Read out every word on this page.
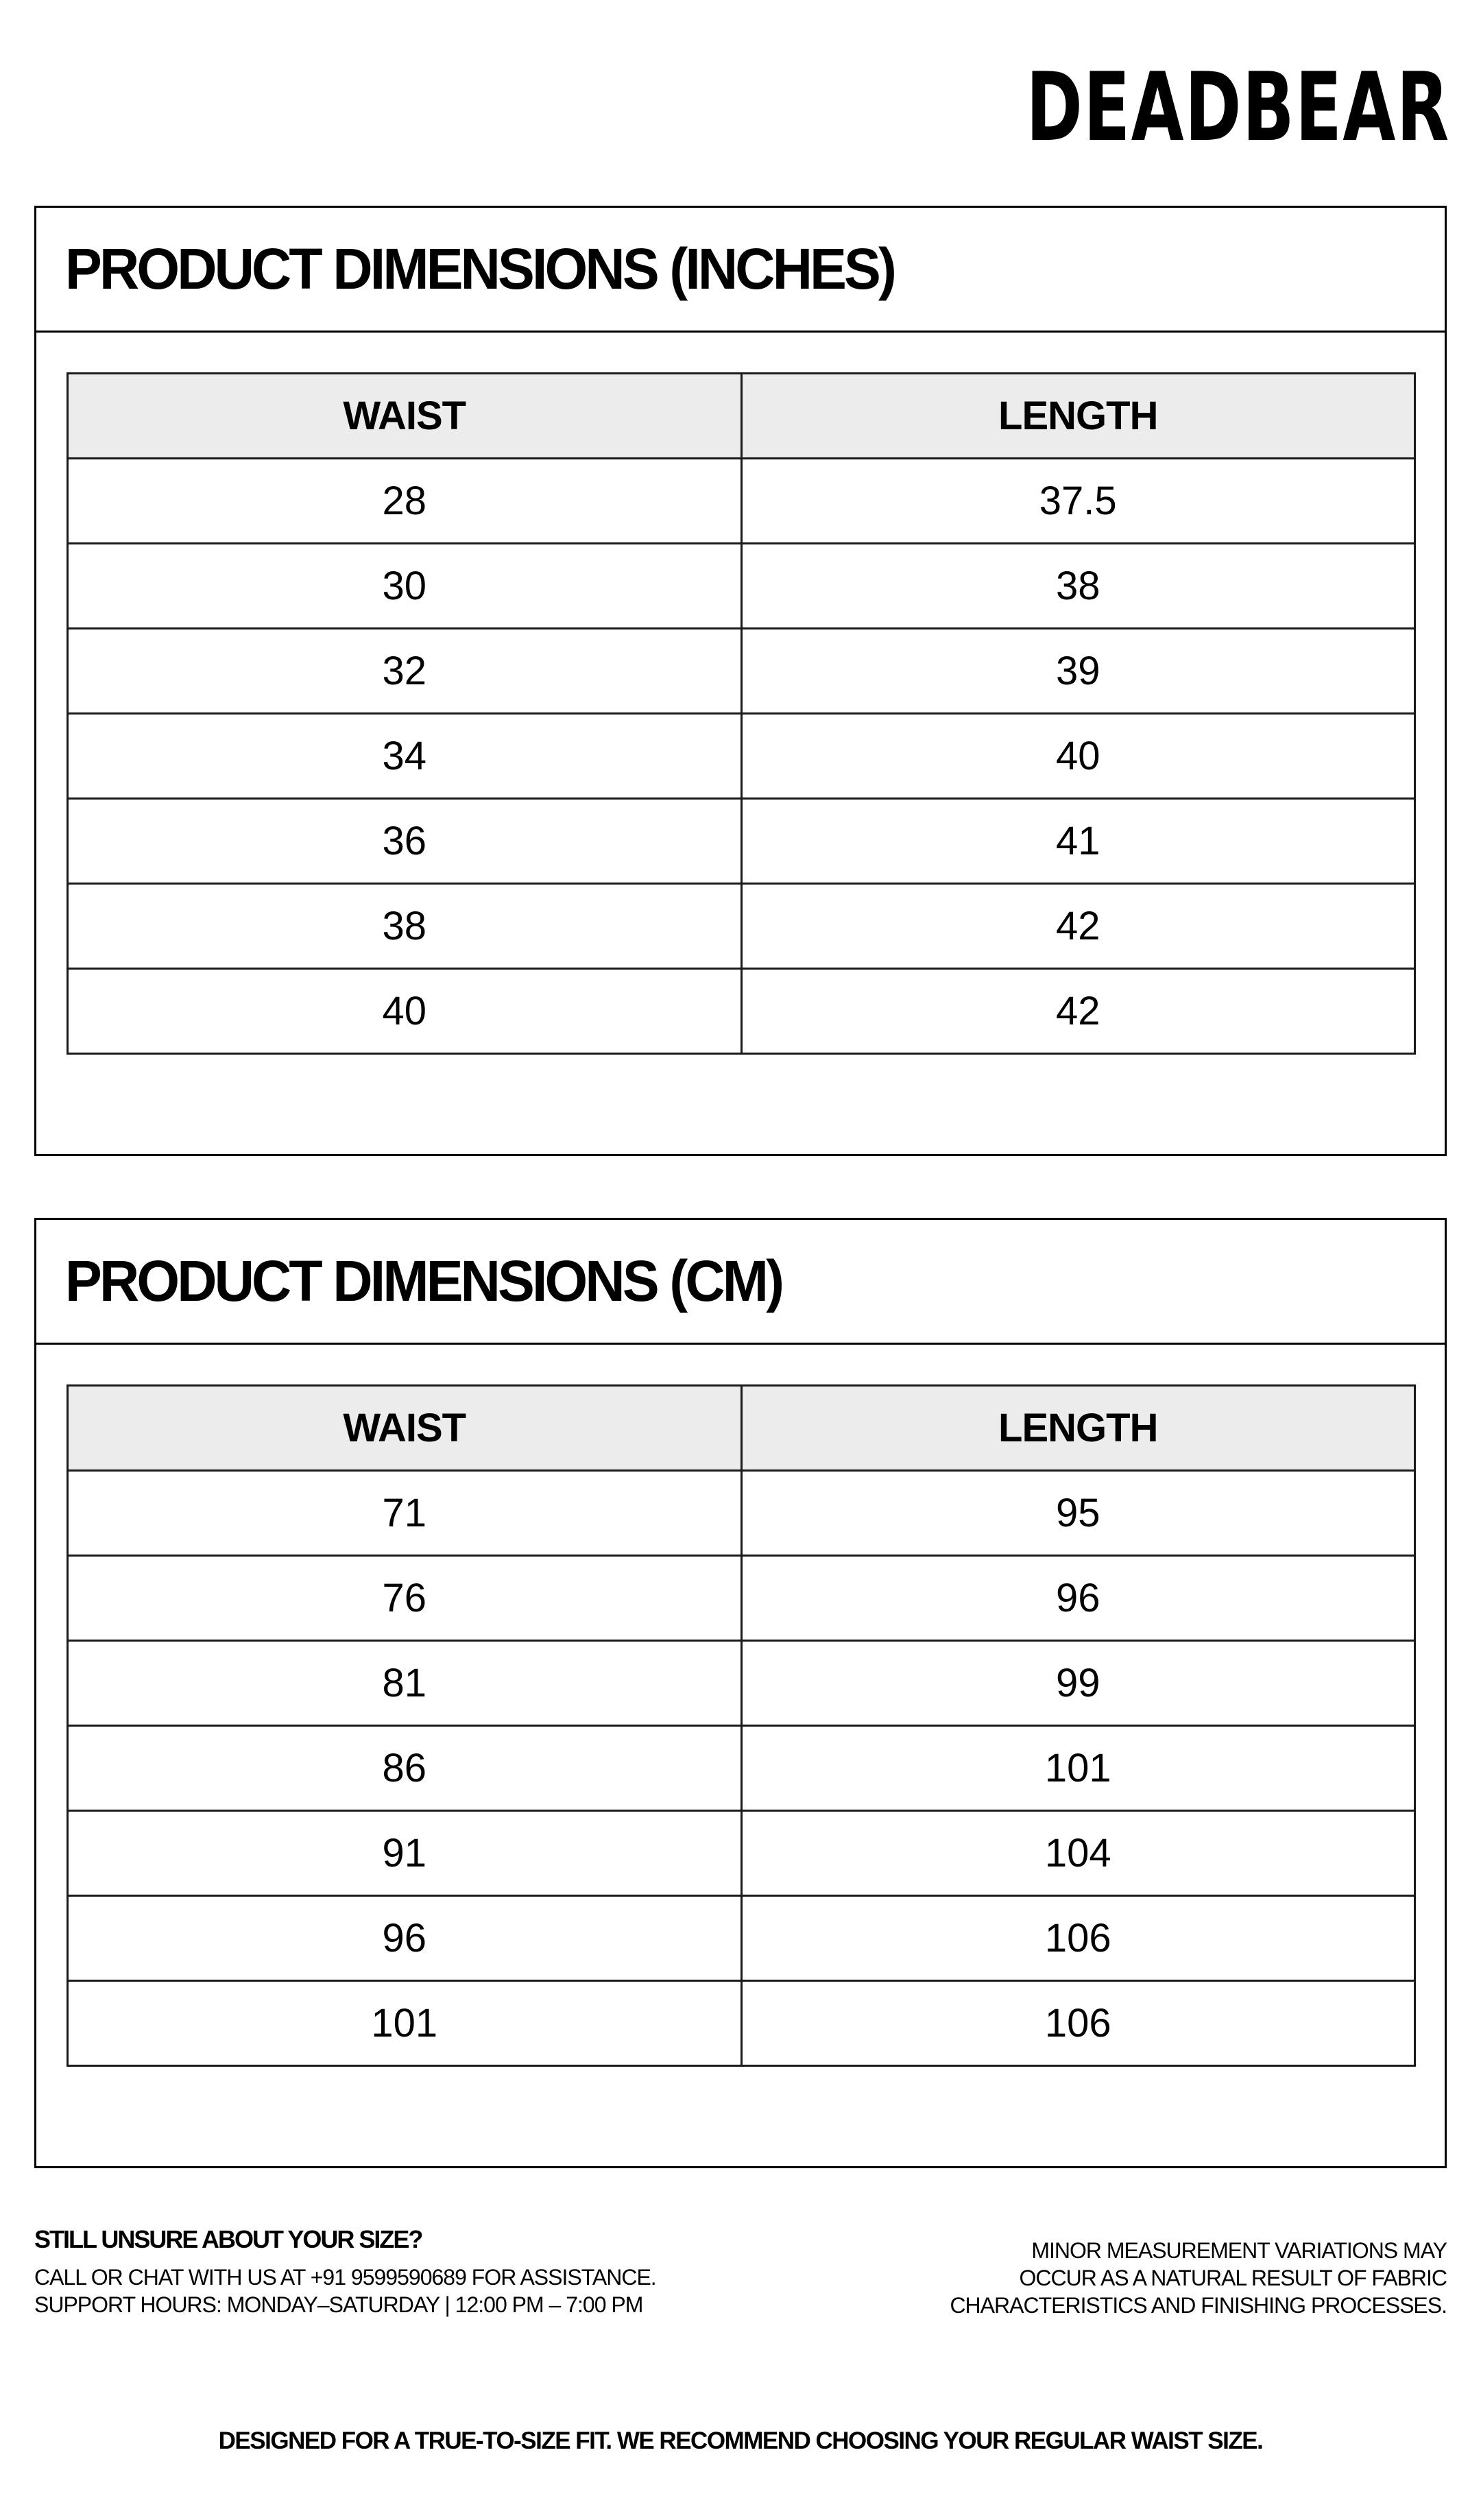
DEADBEAR
PRODUCT DIMENSIONS (INCHES)
WAIST	LENGTH
28	37.5
30	38
32	39
34	40
36	41
38	42
40	42
PRODUCT DIMENSIONS (CM)
WAIST	LENGTH
71	95
76	96
81	99
86	101
91	104
96	106
101	106
STILL UNSURE ABOUT YOUR SIZE?
CALL OR CHAT WITH US AT +91 9599590689 FOR ASSISTANCE.
SUPPORT HOURS: MONDAY–SATURDAY | 12:00 PM – 7:00 PM
MINOR MEASUREMENT VARIATIONS MAY
OCCUR AS A NATURAL RESULT OF FABRIC
CHARACTERISTICS AND FINISHING PROCESSES.
DESIGNED FOR A TRUE-TO-SIZE FIT. WE RECOMMEND CHOOSING YOUR REGULAR WAIST SIZE.
